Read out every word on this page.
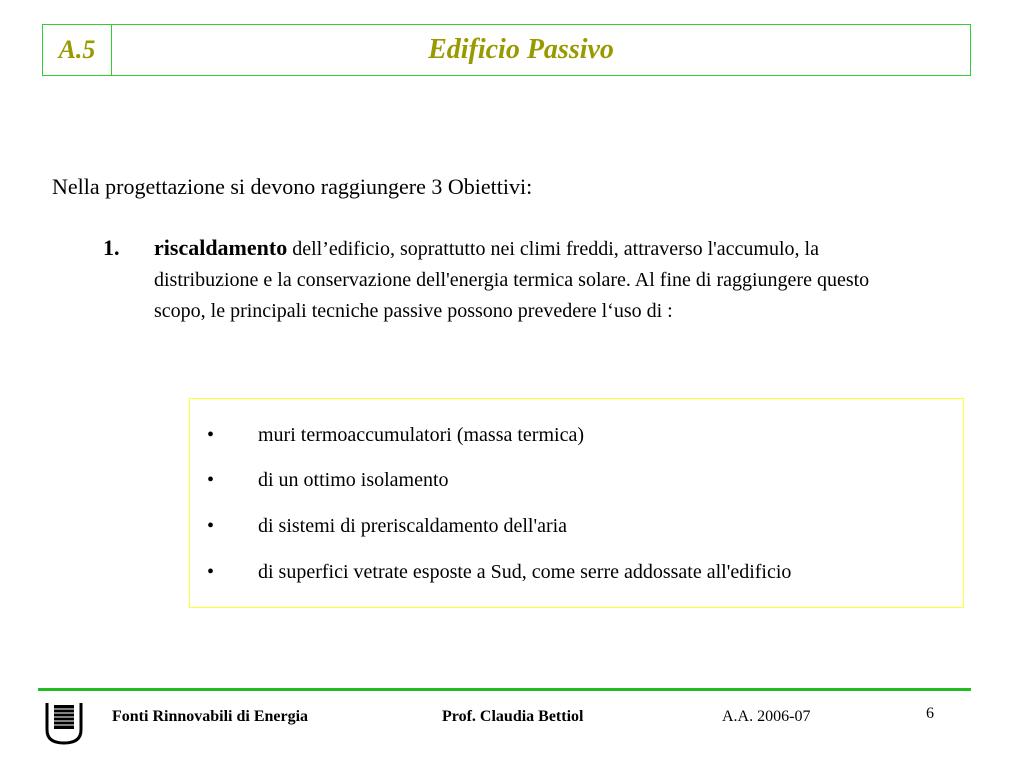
A.5	Edificio Passivo
Nella progettazione si devono raggiungere 3 Obiettivi:
1. riscaldamento dell’edificio, soprattutto nei climi freddi, attraverso l'accumulo, la distribuzione e la conservazione dell'energia termica solare. Al fine di raggiungere questo scopo, le principali tecniche passive possono prevedere l‘uso di :
• muri termoaccumulatori (massa termica)
• di un ottimo isolamento
• di sistemi di preriscaldamento dell'aria
• di superfici vetrate esposte a Sud, come serre addossate all'edificio
Fonti Rinnovabili di Energia	Prof. Claudia Bettiol	A.A. 2006-07	6
